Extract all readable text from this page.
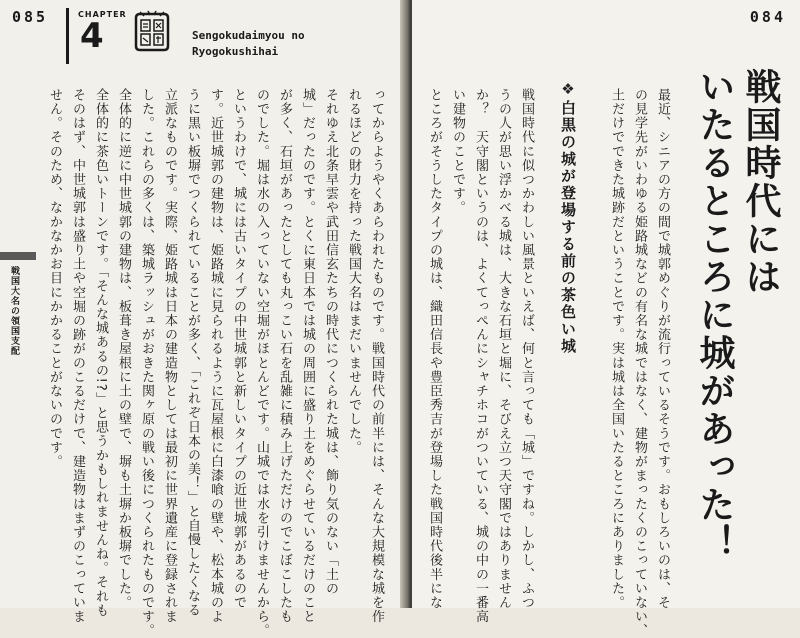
085	CHAPTER
4	Sengokudaimyou no
Ryogokushihai
戦国大名の領国支配	ってからようやくあらわれたものです。戦国時代の前半には、そんな大規模な城を作
れるほどの財力を持った戦国大名はまだいませんでした。
それゆえ北条早雲や武田信玄たちの時代につくられた城は、飾り気のない「土の
城」だったのです。とくに東日本では城の周囲に盛り土をめぐらせているだけのこと
が多く、石垣があったとしても丸っこい石を乱雑に積み上げただけのでこぼこしたも
のでした。堀は水の入っていない空堀がほとんどです。山城では水を引けませんから。
というわけで、城には古いタイプの中世城郭と新しいタイプの近世城郭があるので
す。近世城郭の建物は、姫路城に見られるように瓦屋根に白漆喰の壁や、松本城のよ
うに黒い板塀でつくられていることが多く、「これぞ日本の美！」と自慢したくなる
立派なものです。実際、姫路城は日本の建造物としては最初に世界遺産に登録されま
した。これらの多くは、築城ラッシュがおきた関ヶ原の戦い後につくられたものです。
全体的に逆に中世城郭の建物は、板葺き屋根に土の壁で、塀も土塀か板塀でした。
全体的に茶色いトーンです。「そんな城あるの!?」と思うかもしれませんね。それも
そのはず、中世城郭は盛り土や空堀の跡がのこるだけで、建造物はまずのこっていま
せん。そのため、なかなかお目にかかることがないのです。
084
戦国時代には
いたるところに城があった！
最近、シニアの方の間で城郭めぐりが流行っているそうです。おもしろいのは、そ
の見学先がいわゆる姫路城などの有名な城ではなく、建物がまったくのこっていない、
土だけでできた城跡だということです。実は城は全国いたるところにありました。
❖白黒の城が登場する前の茶色い城
戦国時代に似つかわしい風景といえば、何と言っても「城」ですね。しかし、ふつ
うの人が思い浮かべる城は、大きな石垣と堀に、そびえ立つ天守閣ではありません
か？　天守閣というのは、よくてっぺんにシャチホコがついている、城の中の一番高
い建物のことです。
ところがそうしたタイプの城は、織田信長や豊臣秀吉が登場した戦国時代後半にな
